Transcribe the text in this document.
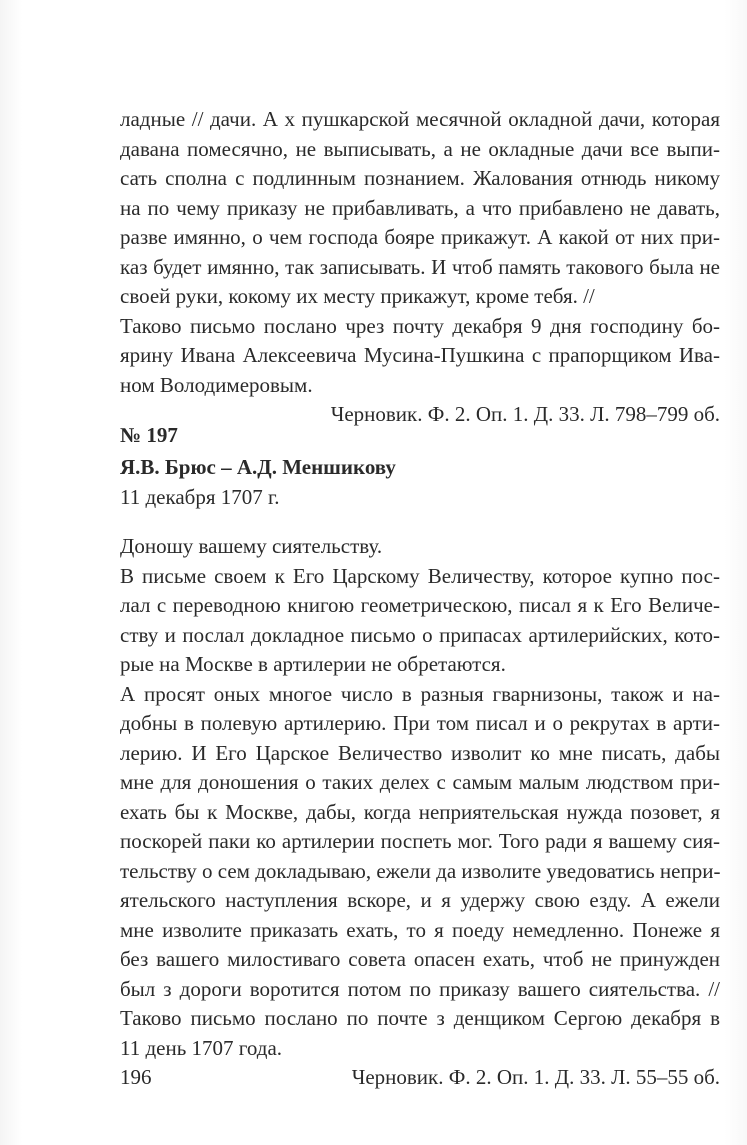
ладные // дачи. А х пушкарской месячной окладной дачи, которая
давана помесячно, не выписывать, а не окладные дачи все выпи-
сать сполна с подлинным познанием. Жалования отнюдь никому
на по чему приказу не прибавливать, а что прибавлено не давать,
разве имянно, о чем господа бояре прикажут. А какой от них при-
каз будет имянно, так записывать. И чтоб память такового была не
своей руки, кокому их месту прикажут, кроме тебя. //
Таково письмо послано чрез почту декабря 9 дня господину бо-
ярину Ивана Алексеевича Мусина-Пушкина с прапорщиком Ива-
ном Володимеровым.
Черновик. Ф. 2. Оп. 1. Д. 33. Л. 798–799 об.
№ 197
Я.В. Брюс – А.Д. Меншикову
11 декабря 1707 г.
Доношу вашему сиятельству.
В письме своем к Его Царскому Величеству, которое купно пос-
лал с переводною книгою геометрическою, писал я к Его Величе-
ству и послал докладное письмо о припасах артилерийских, кото-
рые на Москве в артилерии не обретаются.
А просят оных многое число в разныя гварнизоны, також и на-
добны в полевую артилерию. При том писал и о рекрутах в арти-
лерию. И Его Царское Величество изволит ко мне писать, дабы
мне для доношения о таких делех с самым малым людством при-
ехать бы к Москве, дабы, когда неприятельская нужда позовет, я
поскорей паки ко артилерии поспеть мог. Того ради я вашему сия-
тельству о сем докладываю, ежели да изволите уведоватись непри-
ятельского наступления вскоре, и я удержу свою езду. А ежели
мне изволите приказать ехать, то я поеду немедленно. Понеже я
без вашего милостиваго совета опасен ехать, чтоб не принужден
был з дороги воротится потом по приказу вашего сиятельства. //
Таково письмо послано по почте з денщиком Сергою декабря в
11 день 1707 года.
Черновик. Ф. 2. Оп. 1. Д. 33. Л. 55–55 об.
196
